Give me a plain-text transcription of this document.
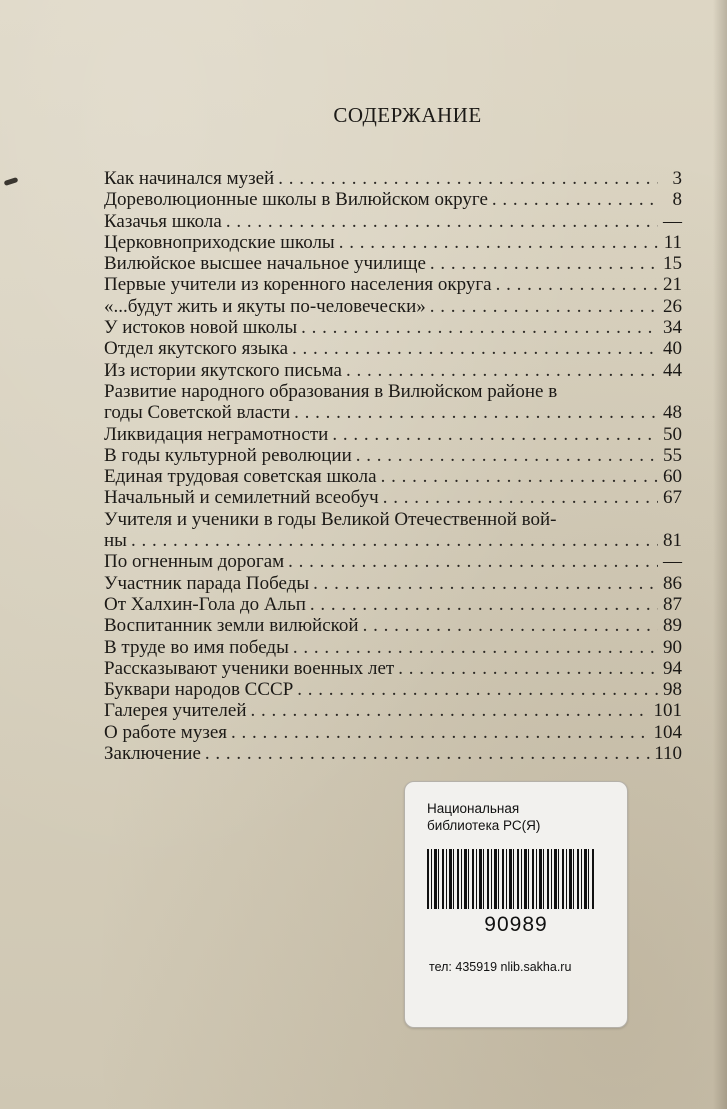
СОДЕРЖАНИЕ
Как начинался музей . . .	3
Дореволюционные школы в Вилюйском округе . . .	8
Казачья школа . . .	—
Церковноприходские школы . . .	11
Вилюйское высшее начальное училище . . .	15
Первые учители из коренного населения округа . . .	21
«...будут жить и якуты по-человечески» . . .	26
У истоков новой школы . . .	34
Отдел якутского языка . . .	40
Из истории якутского письма . . .	44
Развитие народного образования в Вилюйском районе в
годы Советской власти . . .	48
Ликвидация неграмотности . . .	50
В годы культурной революции . . .	55
Единая трудовая советская школа . . .	60
Начальный и семилетний всеобуч . . .	67
Учителя и ученики в годы Великой Отечественной вой-
ны . . .	81
По огненным дорогам . . .	—
Участник парада Победы . . .	86
От Халхин-Гола до Альп . . .	87
Воспитанник земли вилюйской . . .	89
В труде во имя победы . . .	90
Рассказывают ученики военных лет . . .	94
Буквари народов СССР . . .	98
Галерея учителей . . .	101
О работе музея . . .	104
Заключение . . .	110
Национальная
библиотека РС(Я)
90989
тел: 435919 nlib.sakha.ru
